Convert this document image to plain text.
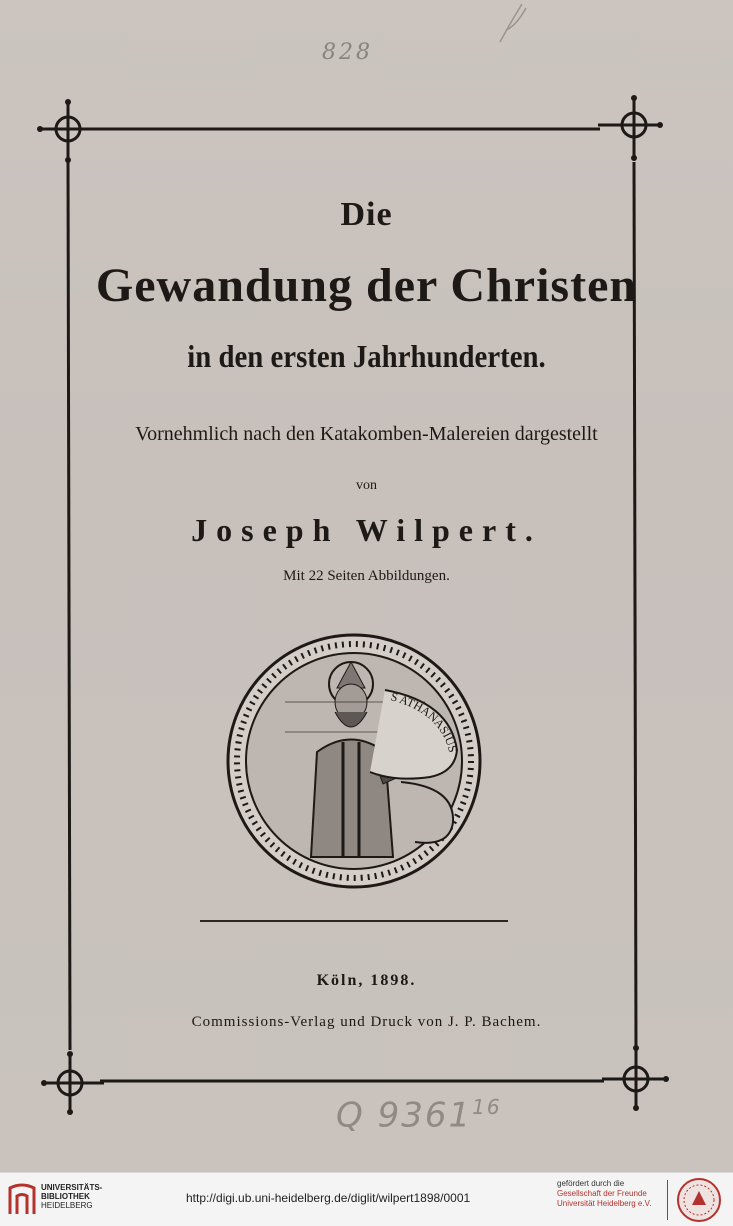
828
Die
Gewandung der Christen
in den ersten Jahrhunderten.
Vornehmlich nach den Katakomben-Malereien dargestellt
von
Joseph Wilpert.
Mit 22 Seiten Abbildungen.
S ATHANASIUS
Köln, 1898.
Commissions-Verlag und Druck von J. P. Bachem.
Q 9361$^{16}$
UNIVERSITÄTS-
BIBLIOTHEK
HEIDELBERG
http://digi.ub.uni-heidelberg.de/diglit/wilpert1898/0001
gefördert durch die
Gesellschaft der Freunde
Universität Heidelberg e.V.
